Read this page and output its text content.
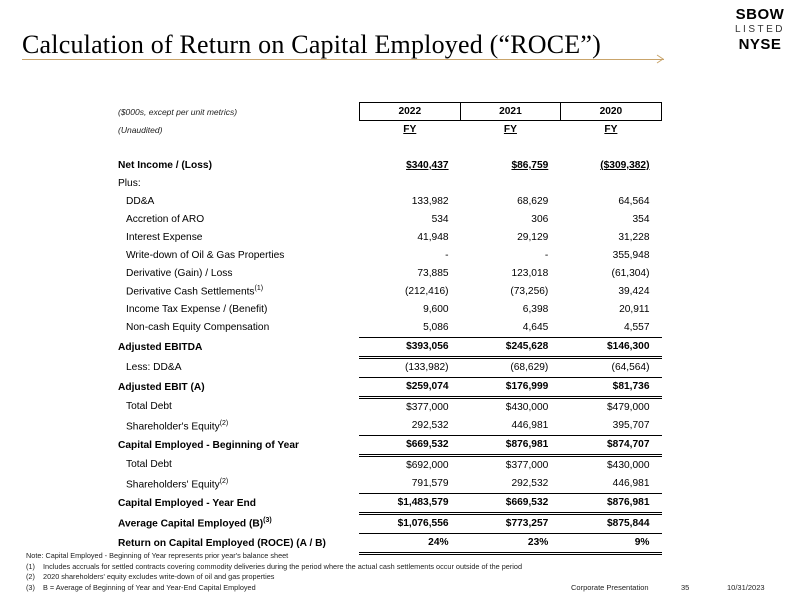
Calculation of Return on Capital Employed (“ROCE”)
SBOW
LISTED
NYSE
($000s, except per unit metrics)	2022	2021	2020
(Unaudited)	FY	FY	FY

Net Income / (Loss)	$340,437	$86,759	($309,382)
Plus:			
DD&A	133,982	68,629	64,564
Accretion of ARO	534	306	354
Interest Expense	41,948	29,129	31,228
Write-down of Oil & Gas Properties	-	-	355,948
Derivative (Gain) / Loss	73,885	123,018	(61,304)
Derivative Cash Settlements$^{(1)}$	(212,416)	(73,256)	39,424
Income Tax Expense / (Benefit)	9,600	6,398	20,911
Non-cash Equity Compensation	5,086	4,645	4,557
Adjusted EBITDA	$393,056	$245,628	$146,300
Less: DD&A	(133,982)	(68,629)	(64,564)
Adjusted EBIT (A)	$259,074	$176,999	$81,736
Total Debt	$377,000	$430,000	$479,000
Shareholder's Equity$^{(2)}$	292,532	446,981	395,707
Capital Employed - Beginning of Year	$669,532	$876,981	$874,707
Total Debt	$692,000	$377,000	$430,000
Shareholders' Equity$^{(2)}$	791,579	292,532	446,981
Capital Employed - Year End	$1,483,579	$669,532	$876,981
Average Capital Employed $(B)^{(3)}$	$1,076,556	$773,257	$875,844
Return on Capital Employed (ROCE) (A / B)	24%	23%	9%
Note: Capital Employed - Beginning of Year represents prior year's balance sheet
(1)    Includes accruals for settled contracts covering commodity deliveries during the period where the actual cash settlements occur outside of the period
(2)    2020 shareholders' equity excludes write-down of oil and gas properties
(3)    B = Average of Beginning of Year and Year-End Capital Employed	Corporate Presentation	35	10/31/2023
